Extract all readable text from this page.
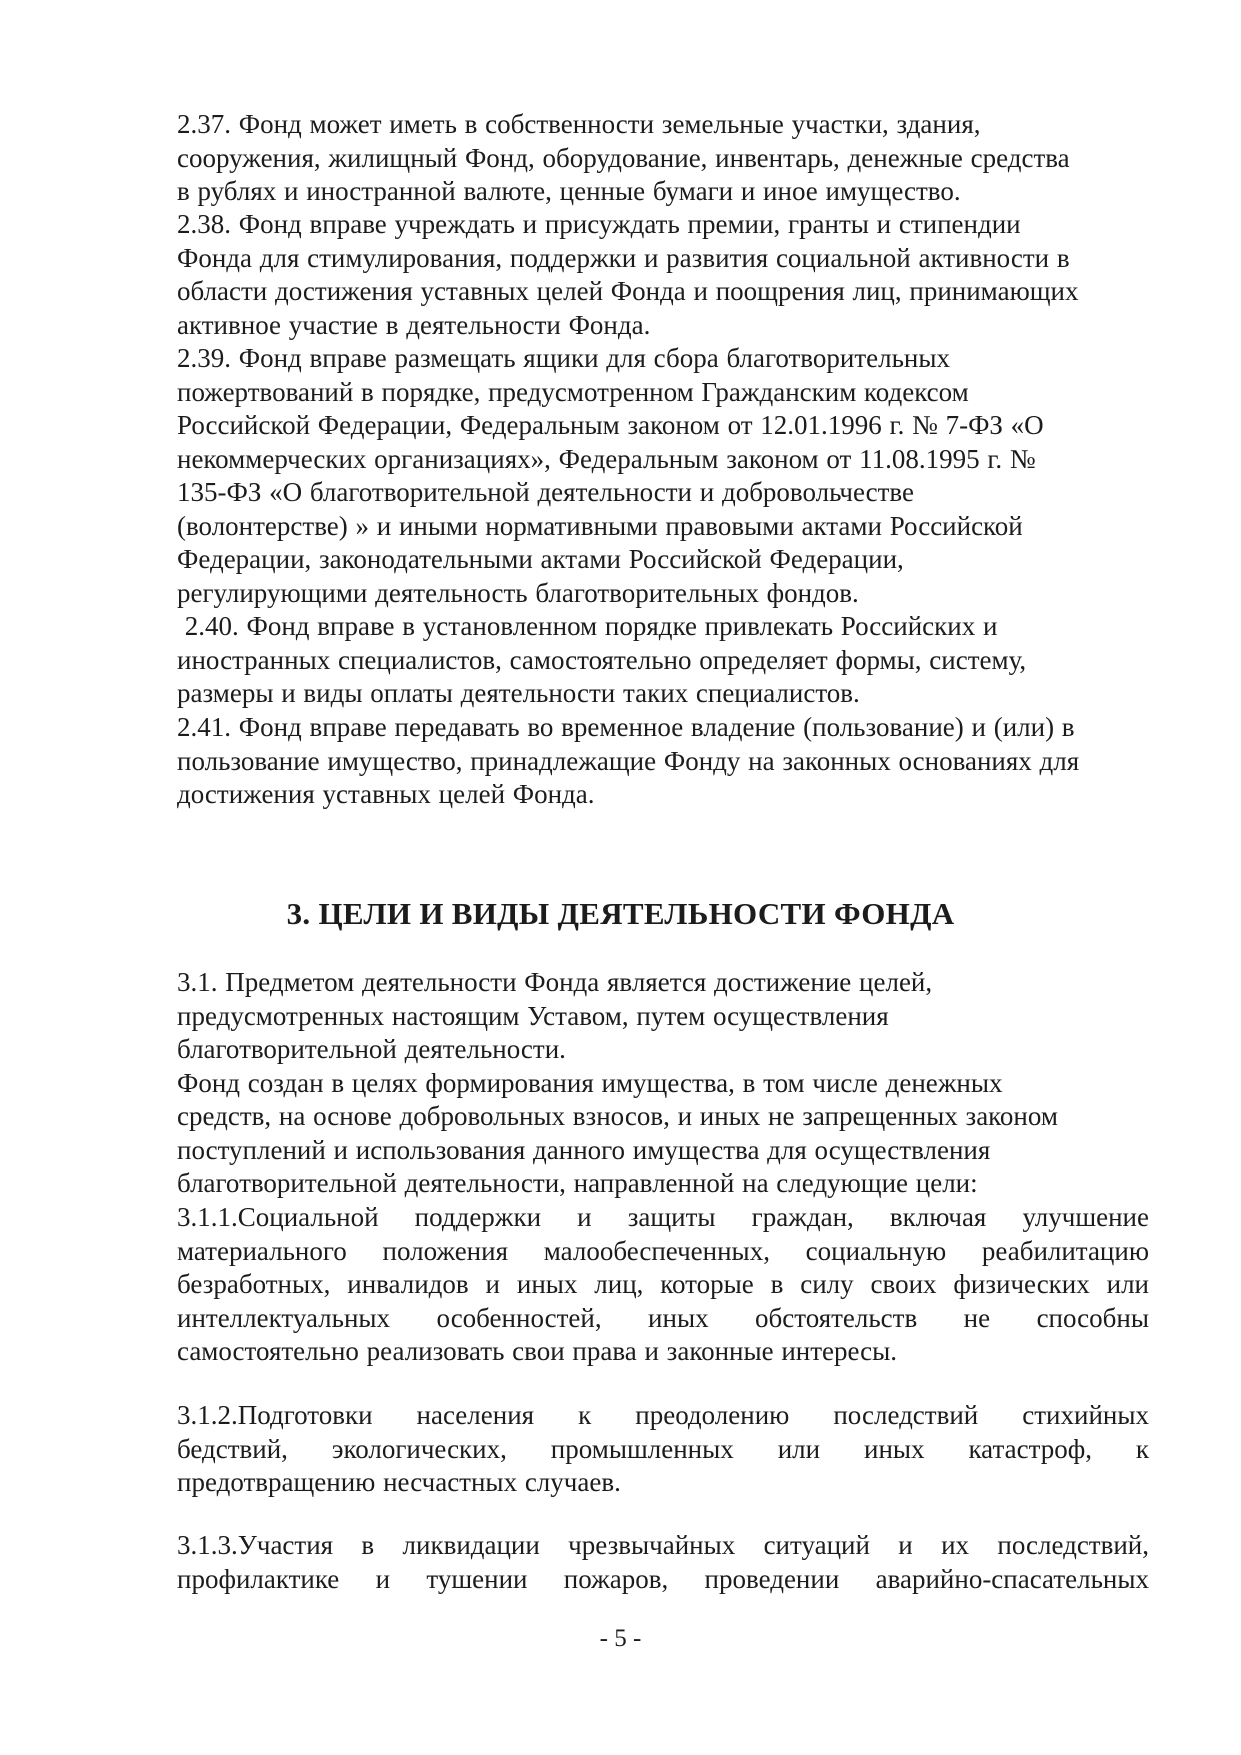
2.37. Фонд может иметь в собственности земельные участки, здания,
сооружения, жилищный Фонд, оборудование, инвентарь, денежные средства
в рублях и иностранной валюте, ценные бумаги и иное имущество.
2.38. Фонд вправе учреждать и присуждать премии, гранты и стипендии
Фонда для стимулирования, поддержки и развития социальной активности в
области достижения уставных целей Фонда и поощрения лиц, принимающих
активное участие в деятельности Фонда.
2.39. Фонд вправе размещать ящики для сбора благотворительных
пожертвований в порядке, предусмотренном Гражданским кодексом
Российской Федерации, Федеральным законом от 12.01.1996 г. № 7-ФЗ «О
некоммерческих организациях», Федеральным законом от 11.08.1995 г. №
135-ФЗ «О благотворительной деятельности и добровольчестве
(волонтерстве) » и иными нормативными правовыми актами Российской
Федерации, законодательными актами Российской Федерации,
регулирующими деятельность благотворительных фондов.
2.40. Фонд вправе в установленном порядке привлекать Российских и
иностранных специалистов, самостоятельно определяет формы, систему,
размеры и виды оплаты деятельности таких специалистов.
2.41. Фонд вправе передавать во временное владение (пользование) и (или) в
пользование имущество, принадлежащие Фонду на законных основаниях для
достижения уставных целей Фонда.
3. ЦЕЛИ И ВИДЫ ДЕЯТЕЛЬНОСТИ ФОНДА
3.1. Предметом деятельности Фонда является достижение целей,
предусмотренных настоящим Уставом, путем осуществления
благотворительной деятельности.
Фонд создан в целях формирования имущества, в том числе денежных
средств, на основе добровольных взносов, и иных не запрещенных законом
поступлений и использования данного имущества для осуществления
благотворительной деятельности, направленной на следующие цели:
3.1.1.Социальной поддержки и защиты граждан, включая улучшение
материального положения малообеспеченных, социальную реабилитацию
безработных, инвалидов и иных лиц, которые в силу своих физических или
интеллектуальных особенностей, иных обстоятельств не способны
самостоятельно реализовать свои права и законные интересы.
3.1.2.Подготовки населения к преодолению последствий стихийных
бедствий, экологических, промышленных или иных катастроф, к
предотвращению несчастных случаев.
3.1.3.Участия в ликвидации чрезвычайных ситуаций и их последствий,
профилактике и тушении пожаров, проведении аварийно-спасательных
- 5 -
